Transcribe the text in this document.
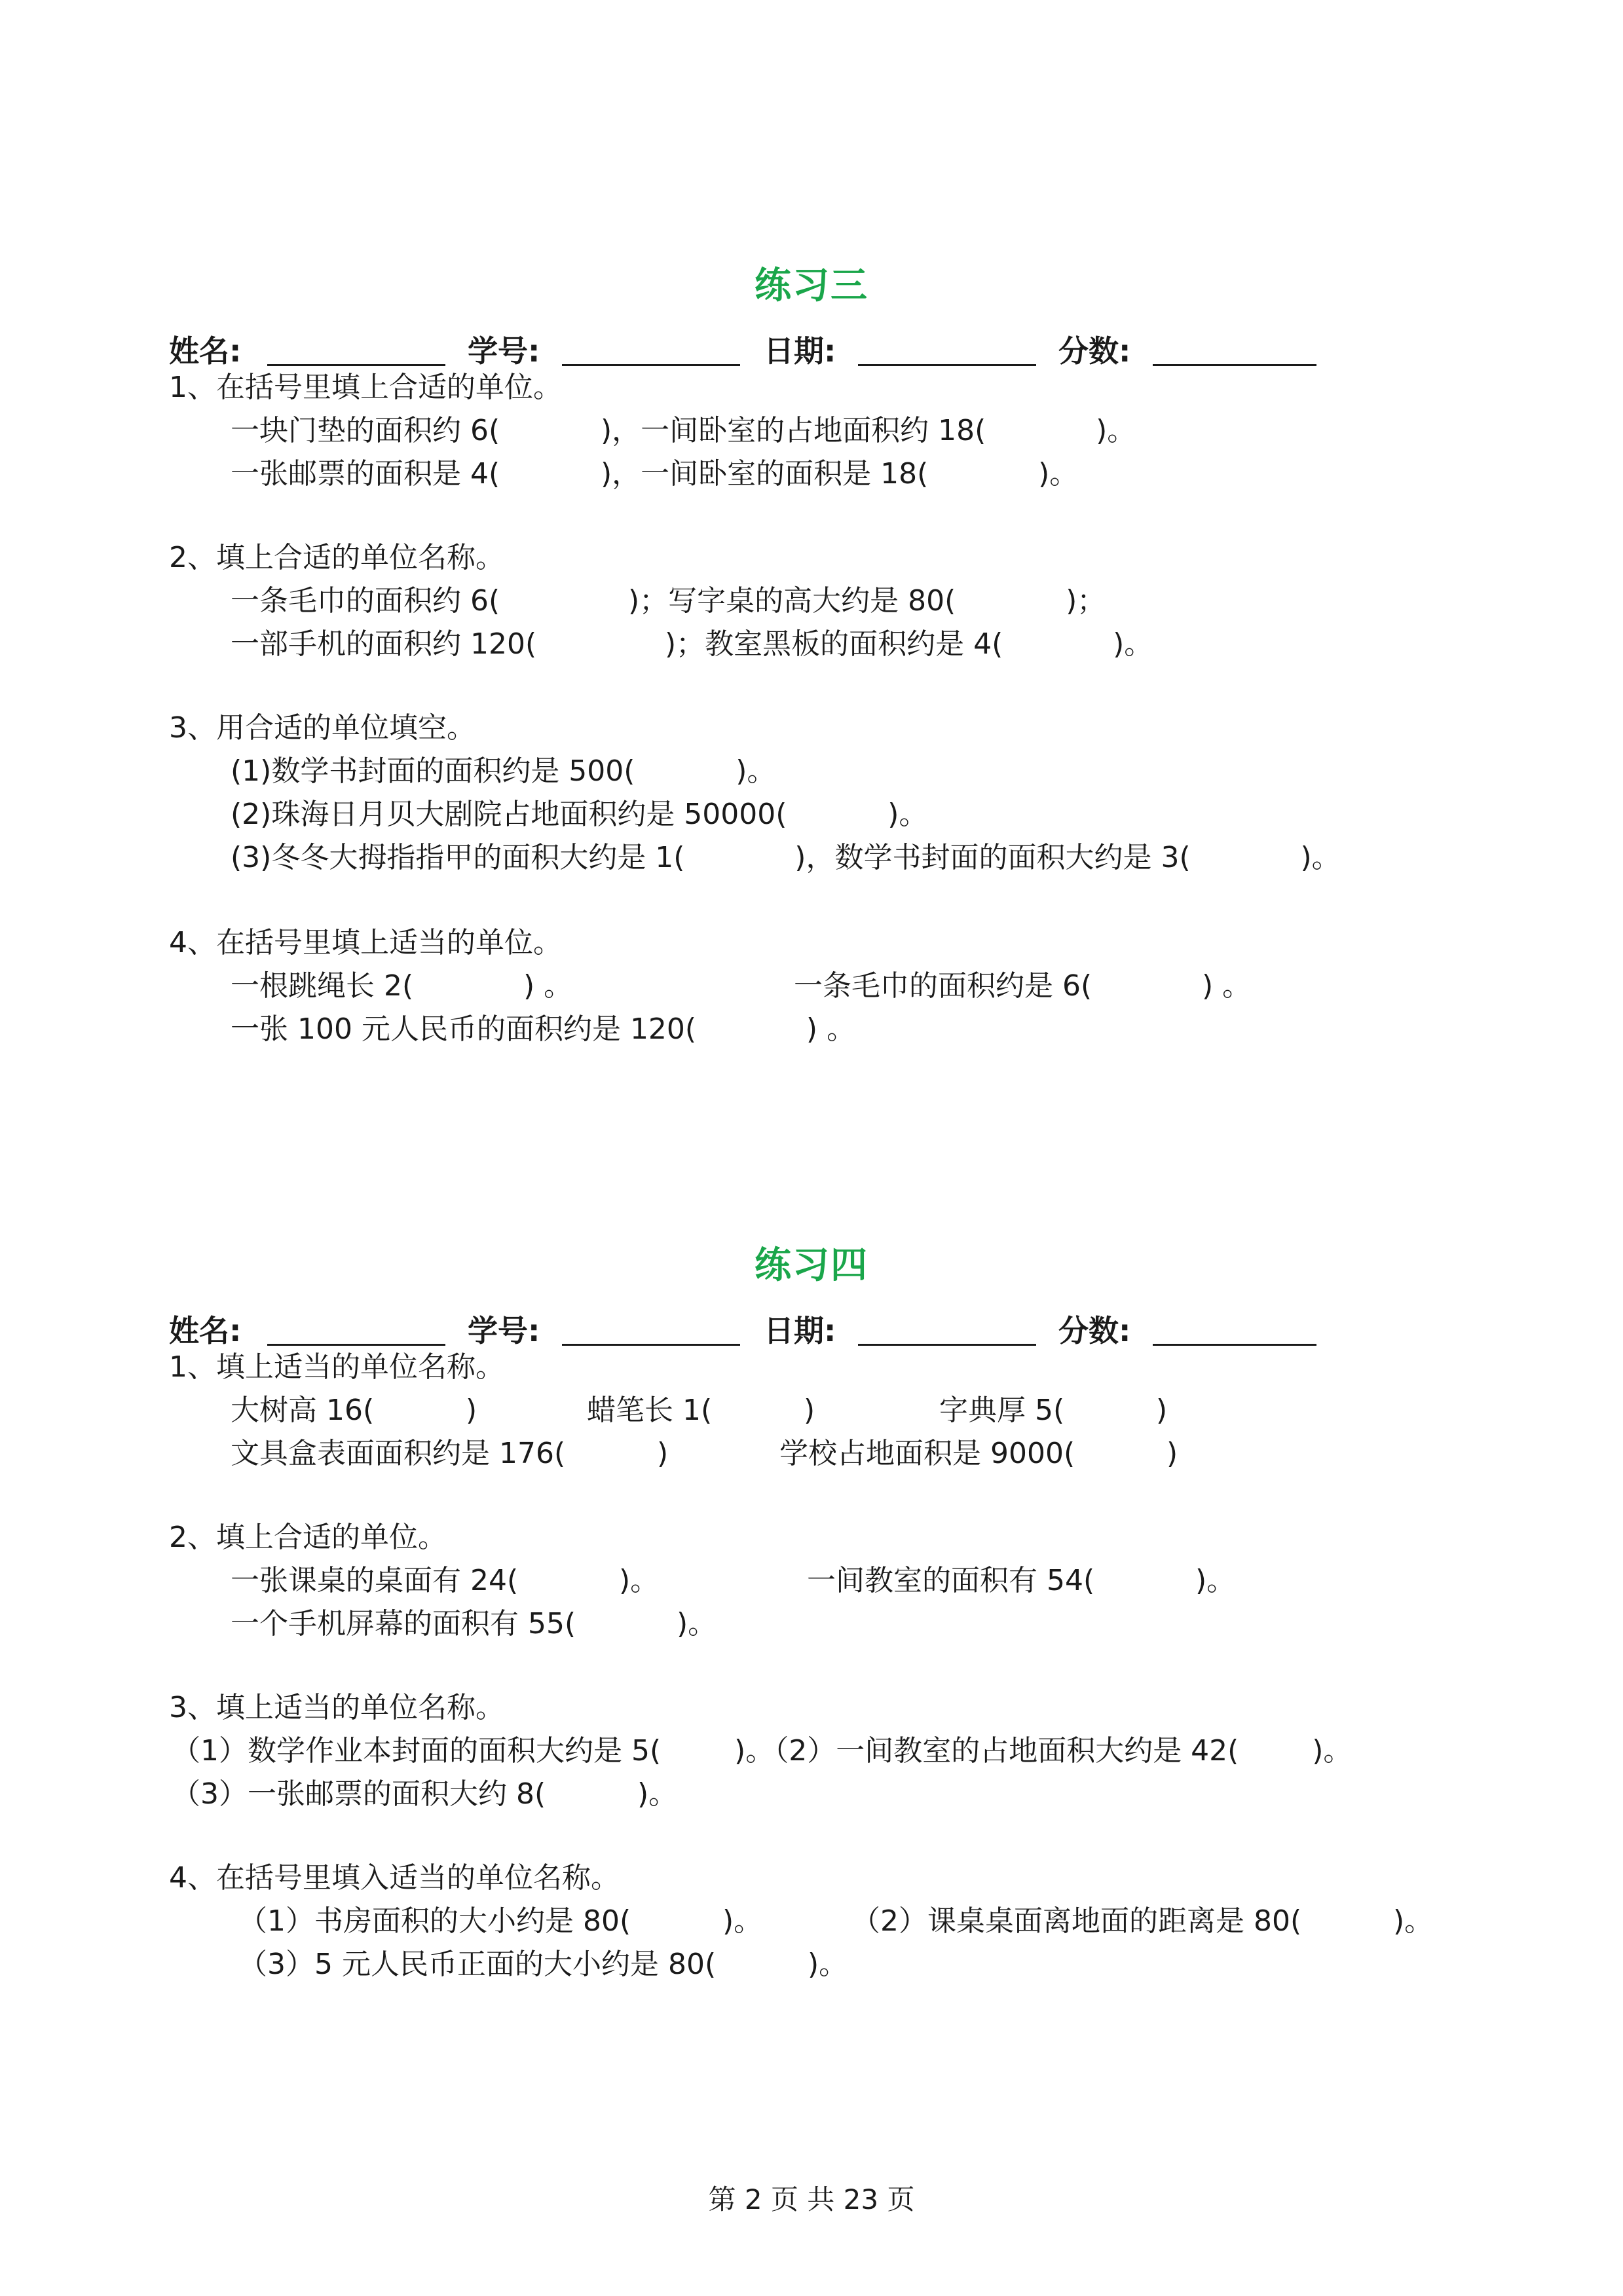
练习三
姓名:	学号:	日期:	分数:
1、在括号里填上合适的单位。
一块门垫的面积约 6(           )，一间卧室的占地面积约 18(            )。
一张邮票的面积是 4(           )，一间卧室的面积是 18(            )。
2、填上合适的单位名称。
一条毛巾的面积约 6(              )；写字桌的高大约是 80(            )；
一部手机的面积约 120(              )；教室黑板的面积约是 4(            )。
3、用合适的单位填空。
(1)数学书封面的面积约是 500(           )。
(2)珠海日月贝大剧院占地面积约是 50000(           )。
(3)冬冬大拇指指甲的面积大约是 1(            )，数学书封面的面积大约是 3(            )。
4、在括号里填上适当的单位。
一根跳绳长 2(            ) 。	一条毛巾的面积约是 6(            ) 。
一张 100 元人民币的面积约是 120(            ) 。
练习四
姓名:	学号:	日期:	分数:
1、填上适当的单位名称。
大树高 16(          )	蜡笔长 1(          )	字典厚 5(          )
文具盒表面面积约是 176(          )	学校占地面积是 9000(          )
2、填上合适的单位。
一张课桌的桌面有 24(           )。	一间教室的面积有 54(           )。
一个手机屏幕的面积有 55(           )。
3、填上适当的单位名称。
（1）数学作业本封面的面积大约是 5(        )。（2）一间教室的占地面积大约是 42(        )。
（3）一张邮票的面积大约 8(          )。
4、在括号里填入适当的单位名称。
（1）书房面积的大小约是 80(          )。	（2）课桌桌面离地面的距离是 80(          )。
（3）5 元人民币正面的大小约是 80(          )。
第 2 页 共 23 页
